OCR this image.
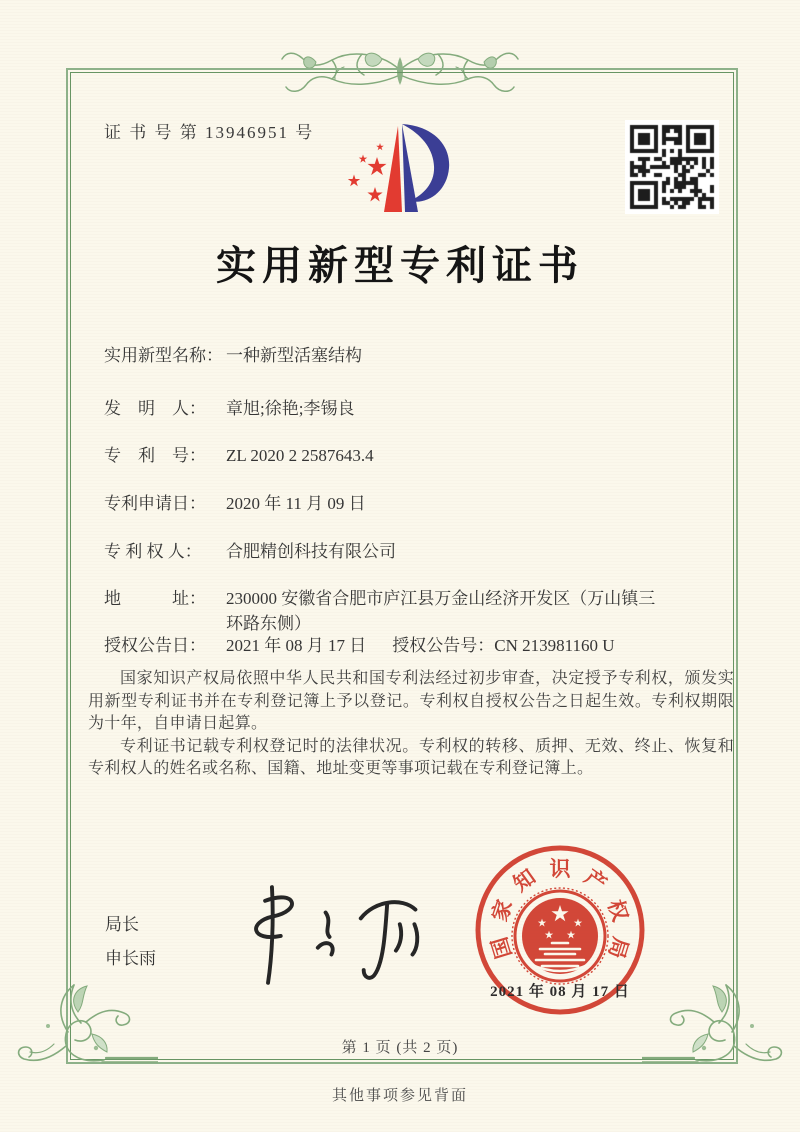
证 书 号 第 13946951 号
实用新型专利证书
实用新型名称： 一种新型活塞结构
发　明　人：	章旭;徐艳;李锡良
专　利　号：	ZL 2020 2 2587643.4
专利申请日：	2020 年 11 月 09 日
专 利 权 人：	合肥精创科技有限公司
地　　　址：	230000 安徽省合肥市庐江县万金山经济开发区（万山镇三环路东侧）
授权公告日：	2021 年 08 月 17 日 授权公告号： CN 213981160 U

国家知识产权局依照中华人民共和国专利法经过初步审查，决定授予专利权，颁发实用新型专利证书并在专利登记簿上予以登记。专利权自授权公告之日起生效。专利权期限为十年，自申请日起算。

专利证书记载专利权登记时的法律状况。专利权的转移、质押、无效、终止、恢复和专利权人的姓名或名称、国籍、地址变更等事项记载在专利登记簿上。

局长
申长雨	国
家
知 识 产
权
局
2021 年 08 月 17 日
第 1 页 (共 2 页)
其他事项参见背面
